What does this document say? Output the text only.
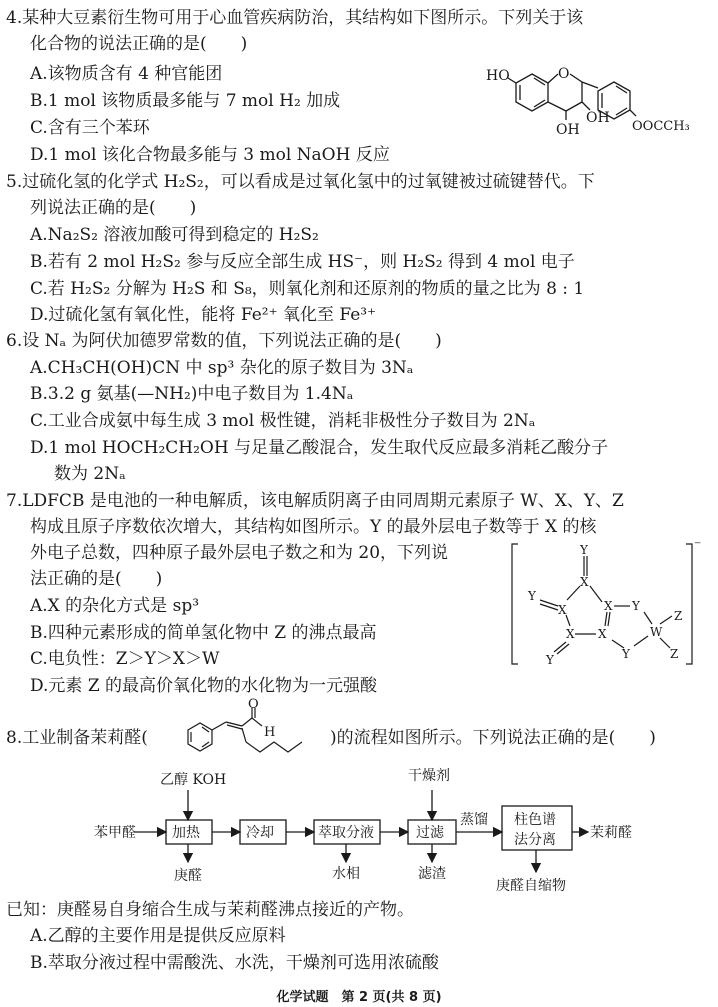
4.某种大豆素衍生物可用于心血管疾病防治，其结构如下图所示。下列关于该
化合物的说法正确的是(　　)
A.该物质含有 4 种官能团
B.1 mol 该物质最多能与 7 mol H₂ 加成
C.含有三个苯环
D.1 mol 该化合物最多能与 3 mol NaOH 反应
HO	O
OH
OH
OOCCH₃
5.过硫化氢的化学式 H₂S₂，可以看成是过氧化氢中的过氧键被过硫键替代。下
列说法正确的是(　　)
A.Na₂S₂ 溶液加酸可得到稳定的 H₂S₂
B.若有 2 mol H₂S₂ 参与反应全部生成 HS⁻，则 H₂S₂ 得到 4 mol 电子
C.若 H₂S₂ 分解为 H₂S 和 S₈，则氧化剂和还原剂的物质的量之比为 8 : 1
D.过硫化氢有氧化性，能将 Fe²⁺ 氧化至 Fe³⁺
6.设 Nₐ 为阿伏加德罗常数的值，下列说法正确的是(　　)
A.CH₃CH(OH)CN 中 sp³ 杂化的原子数目为 3Nₐ
B.3.2 g 氨基(—NH₂)中电子数目为 1.4Nₐ
C.工业合成氨中每生成 3 mol 极性键，消耗非极性分子数目为 2Nₐ
D.1 mol HOCH₂CH₂OH 与足量乙酸混合，发生取代反应最多消耗乙酸分子
数为 2Nₐ
7.LDFCB 是电池的一种电解质，该电解质阴离子由同周期元素原子 W、X、Y、Z
构成且原子序数依次增大，其结构如图所示。Y 的最外层电子数等于 X 的核
外电子总数，四种原子最外层电子数之和为 20，下列说
法正确的是(　　)
A.X 的杂化方式是 sp³
B.四种元素形成的简单氢化物中 Z 的沸点最高
C.电负性：Z＞Y＞X＞W
D.元素 Z 的最高价氧化物的水化物为一元强酸
Y
X
Y
X	X Y
X X
Y
Y
W
Z
Z
⁻
8.工业制备茉莉醛(	)的流程如图所示。下列说法正确的是(　　)
O
H
乙醇 KOH
苯甲醛	加热	冷却	萃取分液	过滤
柱色谱
法分离 茉莉醛
庚醛	水相
干燥剂
滤渣
蒸馏
庚醛自缩物
已知：庚醛易自身缩合生成与茉莉醛沸点接近的产物。
A.乙醇的主要作用是提供反应原料
B.萃取分液过程中需酸洗、水洗，干燥剂可选用浓硫酸
化学试题　第 2 页(共 8 页)
